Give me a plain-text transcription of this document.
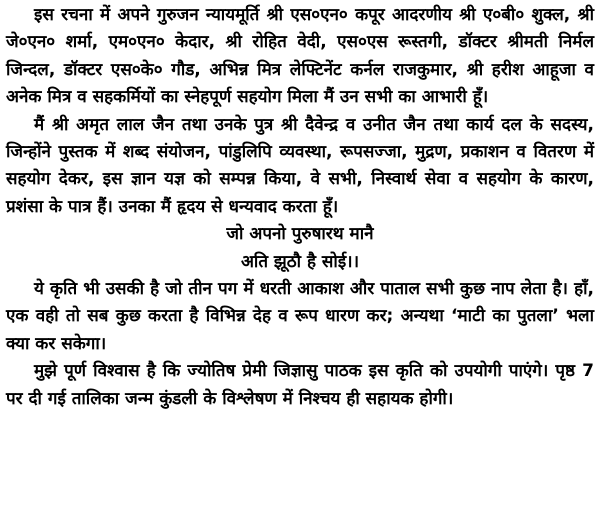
इस रचना में अपने गुरुजन न्यायमूर्ति श्री एस०एन० कपूर आदरणीय श्री ए०बी० शुक्ल, श्री जे०एन० शर्मा, एम०एन० केदार, श्री रोहित वेदी, एस०एस रूस्तगी, डॉक्टर श्रीमती निर्मल जिन्दल, डॉक्टर एस०के० गौड, अभिन्न मित्र लेफ्टिनेंट कर्नल राजकुमार, श्री हरीश आहूजा व अनेक मित्र व सहकर्मियों का स्नेहपूर्ण सहयोग मिला मैं उन सभी का आभारी हूँ।

मैं श्री अमृत लाल जैन तथा उनके पुत्र श्री दैवेन्द्र व उनीत जैन तथा कार्य दल के सदस्य, जिन्होंने पुस्तक में शब्द संयोजन, पांडुलिपि व्यवस्था, रूपसज्जा, मुद्रण, प्रकाशन व वितरण में सहयोग देकर, इस ज्ञान यज्ञ को सम्पन्न किया, वे सभी, निस्वार्थ सेवा व सहयोग के कारण, प्रशंसा के पात्र हैं। उनका मैं हृदय से धन्यवाद करता हूँ।

जो अपनो पुरुषारथ मानै
अति झूठौ है सोई।।

ये कृति भी उसकी है जो तीन पग में धरती आकाश और पाताल सभी कुछ नाप लेता है। हाँ, एक वही तो सब कुछ करता है विभिन्न देह व रूप धारण कर; अन्यथा ‘माटी का पुतला’ भला क्या कर सकेगा।

मुझे पूर्ण विश्वास है कि ज्योतिष प्रेमी जिज्ञासु पाठक इस कृति को उपयोगी पाएंगे। पृष्ठ 7 पर दी गई तालिका जन्म कुंडली के विश्लेषण में निश्चय ही सहायक होगी।
